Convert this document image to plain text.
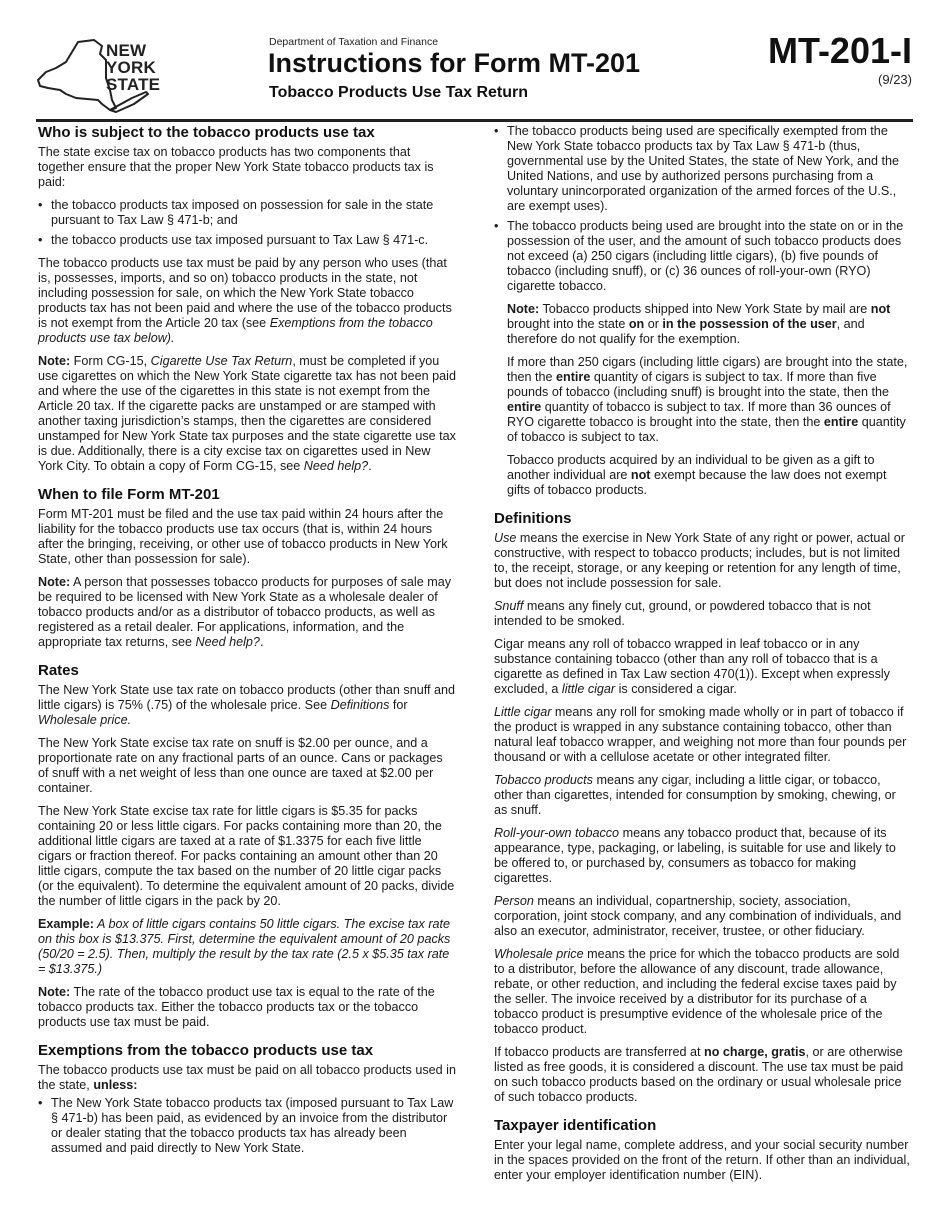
NEW
YORK
STATE
Department of Taxation and Finance
Instructions for Form MT-201
Tobacco Products Use Tax Return
MT-201-I
(9/23)
Who is subject to the tobacco products use tax

The state excise tax on tobacco products has two components that together ensure that the proper New York State tobacco products tax is paid:

• the tobacco products tax imposed on possession for sale in the state pursuant to Tax Law § 471-b; and
• the tobacco products use tax imposed pursuant to Tax Law § 471-c.

The tobacco products use tax must be paid by any person who uses (that is, possesses, imports, and so on) tobacco products in the state, not including possession for sale, on which the New York State tobacco products tax has not been paid and where the use of the tobacco products is not exempt from the Article 20 tax (see Exemptions from the tobacco products use tax below).

Note: Form CG-15, Cigarette Use Tax Return, must be completed if you use cigarettes on which the New York State cigarette tax has not been paid and where the use of the cigarettes in this state is not exempt from the Article 20 tax. If the cigarette packs are unstamped or are stamped with another taxing jurisdiction’s stamps, then the cigarettes are considered unstamped for New York State tax purposes and the state cigarette use tax is due. Additionally, there is a city excise tax on cigarettes used in New York City. To obtain a copy of Form CG-15, see Need help?.

When to file Form MT-201

Form MT-201 must be filed and the use tax paid within 24 hours after the liability for the tobacco products use tax occurs (that is, within 24 hours after the bringing, receiving, or other use of tobacco products in New York State, other than possession for sale).

Note: A person that possesses tobacco products for purposes of sale may be required to be licensed with New York State as a wholesale dealer of tobacco products and/or as a distributor of tobacco products, as well as registered as a retail dealer. For applications, information, and the appropriate tax returns, see Need help?.

Rates

The New York State use tax rate on tobacco products (other than snuff and little cigars) is 75% (.75) of the wholesale price. See Definitions for Wholesale price.

The New York State excise tax rate on snuff is $2.00 per ounce, and a proportionate rate on any fractional parts of an ounce. Cans or packages of snuff with a net weight of less than one ounce are taxed at $2.00 per container.

The New York State excise tax rate for little cigars is $5.35 for packs containing 20 or less little cigars. For packs containing more than 20, the additional little cigars are taxed at a rate of $1.3375 for each five little cigars or fraction thereof. For packs containing an amount other than 20 little cigars, compute the tax based on the number of 20 little cigar packs (or the equivalent). To determine the equivalent amount of 20 packs, divide the number of little cigars in the pack by 20.

Example: A box of little cigars contains 50 little cigars. The excise tax rate on this box is $13.375. First, determine the equivalent amount of 20 packs (50/20 = 2.5). Then, multiply the result by the tax rate (2.5 x $5.35 tax rate = $13.375.)

Note: The rate of the tobacco product use tax is equal to the rate of the tobacco products tax. Either the tobacco products tax or the tobacco products use tax must be paid.

Exemptions from the tobacco products use tax

The tobacco products use tax must be paid on all tobacco products used in the state, unless:

• The New York State tobacco products tax (imposed pursuant to Tax Law § 471-b) has been paid, as evidenced by an invoice from the distributor or dealer stating that the tobacco products tax has already been assumed and paid directly to New York State.
• The tobacco products being used are specifically exempted from the New York State tobacco products tax by Tax Law § 471-b (thus, governmental use by the United States, the state of New York, and the United Nations, and use by authorized persons purchasing from a voluntary unincorporated organization of the armed forces of the U.S., are exempt uses).
• The tobacco products being used are brought into the state on or in the possession of the user, and the amount of such tobacco products does not exceed (a) 250 cigars (including little cigars), (b) five pounds of tobacco (including snuff), or (c) 36 ounces of roll-your-own (RYO) cigarette tobacco.

Note: Tobacco products shipped into New York State by mail are not brought into the state on or in the possession of the user, and therefore do not qualify for the exemption.

If more than 250 cigars (including little cigars) are brought into the state, then the entire quantity of cigars is subject to tax. If more than five pounds of tobacco (including snuff) is brought into the state, then the entire quantity of tobacco is subject to tax. If more than 36 ounces of RYO cigarette tobacco is brought into the state, then the entire quantity of tobacco is subject to tax.

Tobacco products acquired by an individual to be given as a gift to another individual are not exempt because the law does not exempt gifts of tobacco products.

Definitions

Use means the exercise in New York State of any right or power, actual or constructive, with respect to tobacco products; includes, but is not limited to, the receipt, storage, or any keeping or retention for any length of time, but does not include possession for sale.

Snuff means any finely cut, ground, or powdered tobacco that is not intended to be smoked.

Cigar means any roll of tobacco wrapped in leaf tobacco or in any substance containing tobacco (other than any roll of tobacco that is a cigarette as defined in Tax Law section 470(1)). Except when expressly excluded, a little cigar is considered a cigar.

Little cigar means any roll for smoking made wholly or in part of tobacco if the product is wrapped in any substance containing tobacco, other than natural leaf tobacco wrapper, and weighing not more than four pounds per thousand or with a cellulose acetate or other integrated filter.

Tobacco products means any cigar, including a little cigar, or tobacco, other than cigarettes, intended for consumption by smoking, chewing, or as snuff.

Roll-your-own tobacco means any tobacco product that, because of its appearance, type, packaging, or labeling, is suitable for use and likely to be offered to, or purchased by, consumers as tobacco for making cigarettes.

Person means an individual, copartnership, society, association, corporation, joint stock company, and any combination of individuals, and also an executor, administrator, receiver, trustee, or other fiduciary.

Wholesale price means the price for which the tobacco products are sold to a distributor, before the allowance of any discount, trade allowance, rebate, or other reduction, and including the federal excise taxes paid by the seller. The invoice received by a distributor for its purchase of a tobacco product is presumptive evidence of the wholesale price of the tobacco product.

If tobacco products are transferred at no charge, gratis, or are otherwise listed as free goods, it is considered a discount. The use tax must be paid on such tobacco products based on the ordinary or usual wholesale price of such tobacco products.

Taxpayer identification

Enter your legal name, complete address, and your social security number in the spaces provided on the front of the return. If other than an individual, enter your employer identification number (EIN).
